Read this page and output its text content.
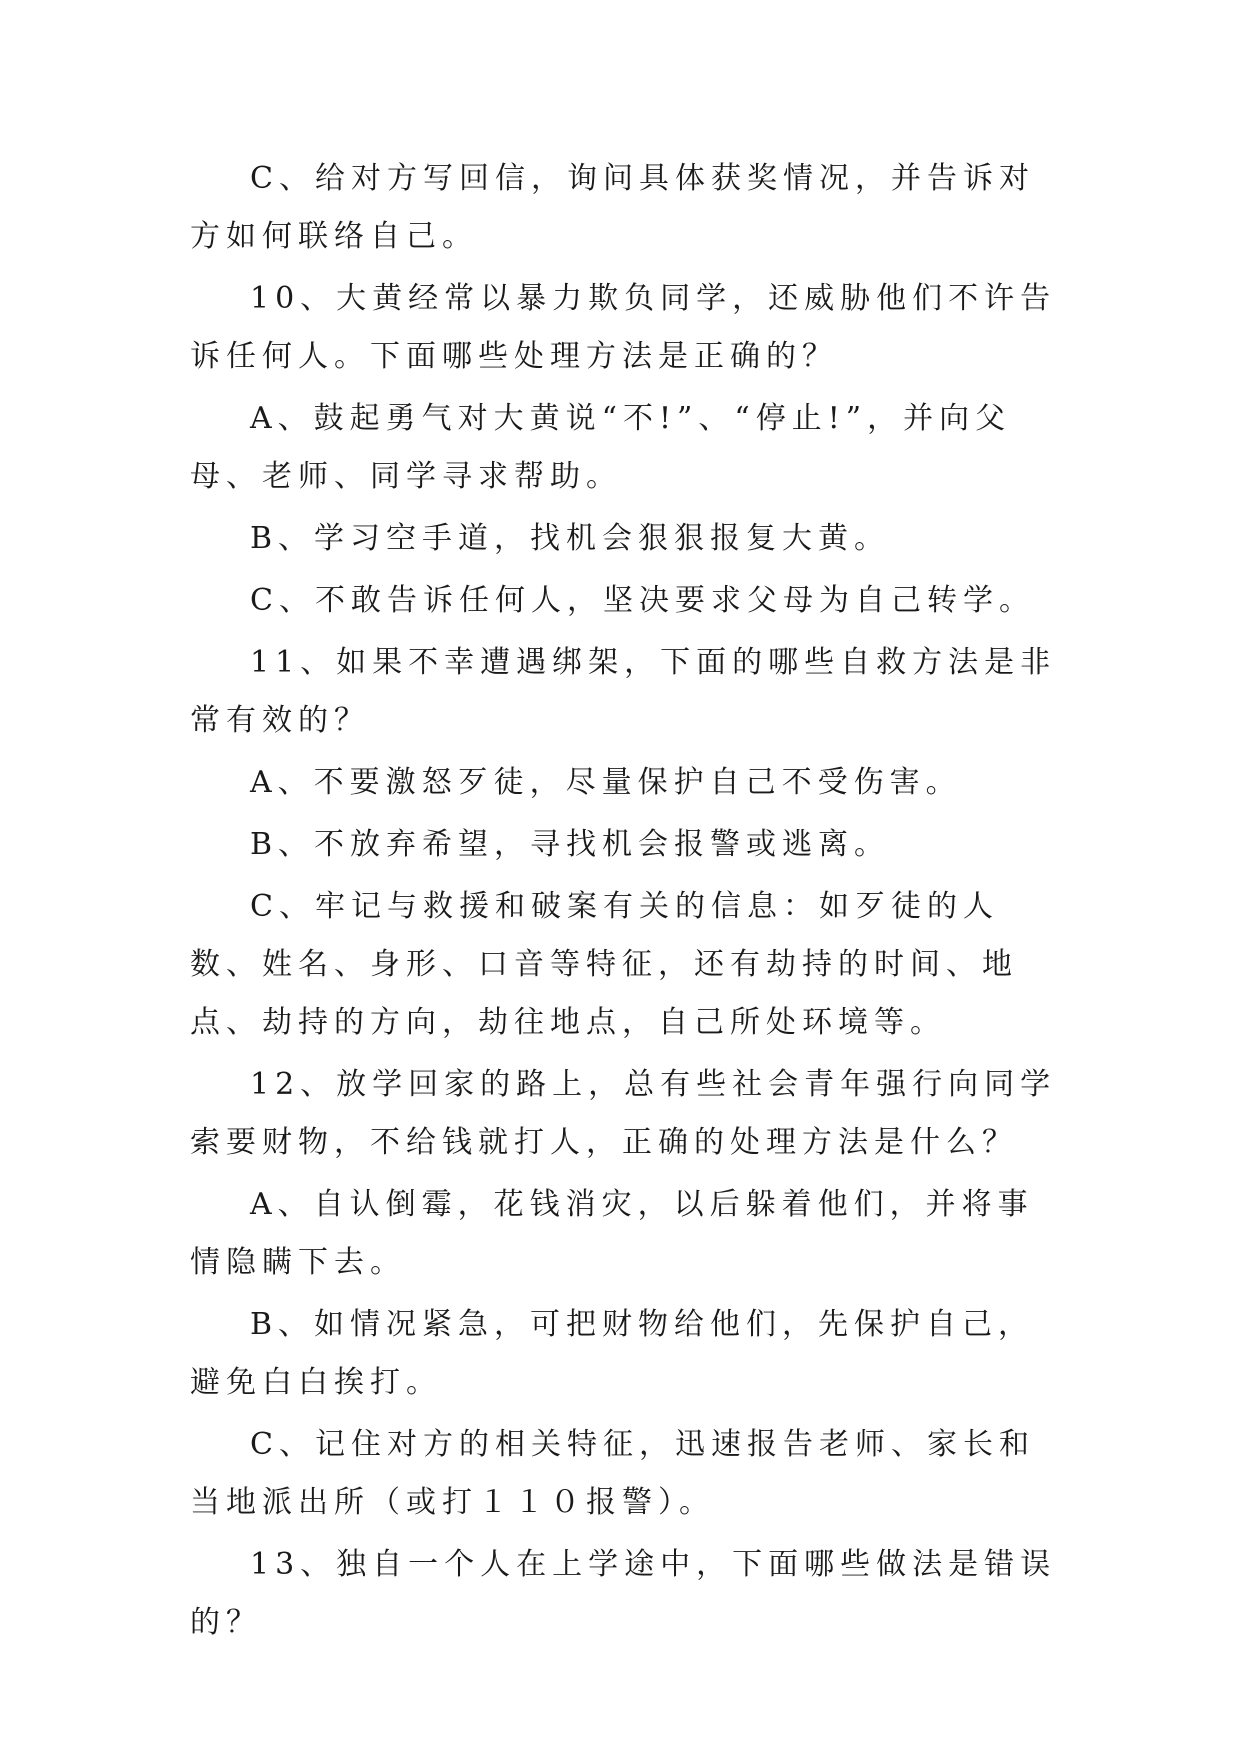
C、给对方写回信，询问具体获奖情况，并告诉对方如何联络自己。

10、大黄经常以暴力欺负同学，还威胁他们不许告诉任何人。下面哪些处理方法是正确的？

A、鼓起勇气对大黄说“不!”、“停止!”，并向父母、老师、同学寻求帮助。

B、学习空手道，找机会狠狠报复大黄。

C、不敢告诉任何人，坚决要求父母为自己转学。

11、如果不幸遭遇绑架，下面的哪些自救方法是非常有效的？

A、不要激怒歹徒，尽量保护自己不受伤害。

B、不放弃希望，寻找机会报警或逃离。

C、牢记与救援和破案有关的信息：如歹徒的人数、姓名、身形、口音等特征，还有劫持的时间、地点、劫持的方向，劫往地点，自己所处环境等。

12、放学回家的路上，总有些社会青年强行向同学索要财物，不给钱就打人，正确的处理方法是什么？

A、自认倒霉，花钱消灾，以后躲着他们，并将事情隐瞒下去。

B、如情况紧急，可把财物给他们，先保护自己，避免白白挨打。

C、记住对方的相关特征，迅速报告老师、家长和当地派出所（或打１１０报警）。

13、独自一个人在上学途中，下面哪些做法是错误的？
